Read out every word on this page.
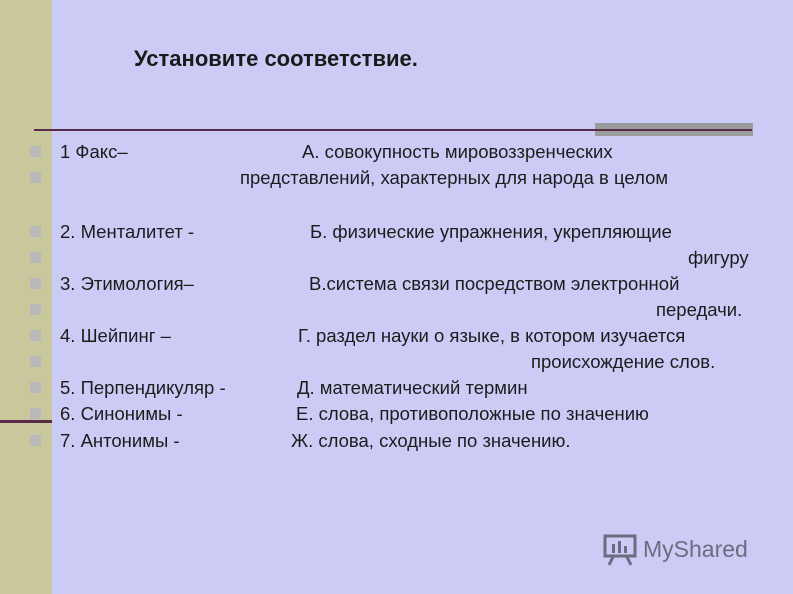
Установите соответствие.
1 Факс–
2. Менталитет -
3. Этимология–
4. Шейпинг –
5. Перпендикуляр -
6. Синонимы -
7. Антонимы -
А. совокупность мировоззренческих
представлений, характерных для народа в целом
Б. физические упражнения, укрепляющие
фигуру
В.система связи посредством электронной
передачи.
Г. раздел науки о языке, в котором изучается
происхождение слов.
Д. математический термин
Е. слова, противоположные по значению
Ж. слова, сходные по значению.
MyShared
